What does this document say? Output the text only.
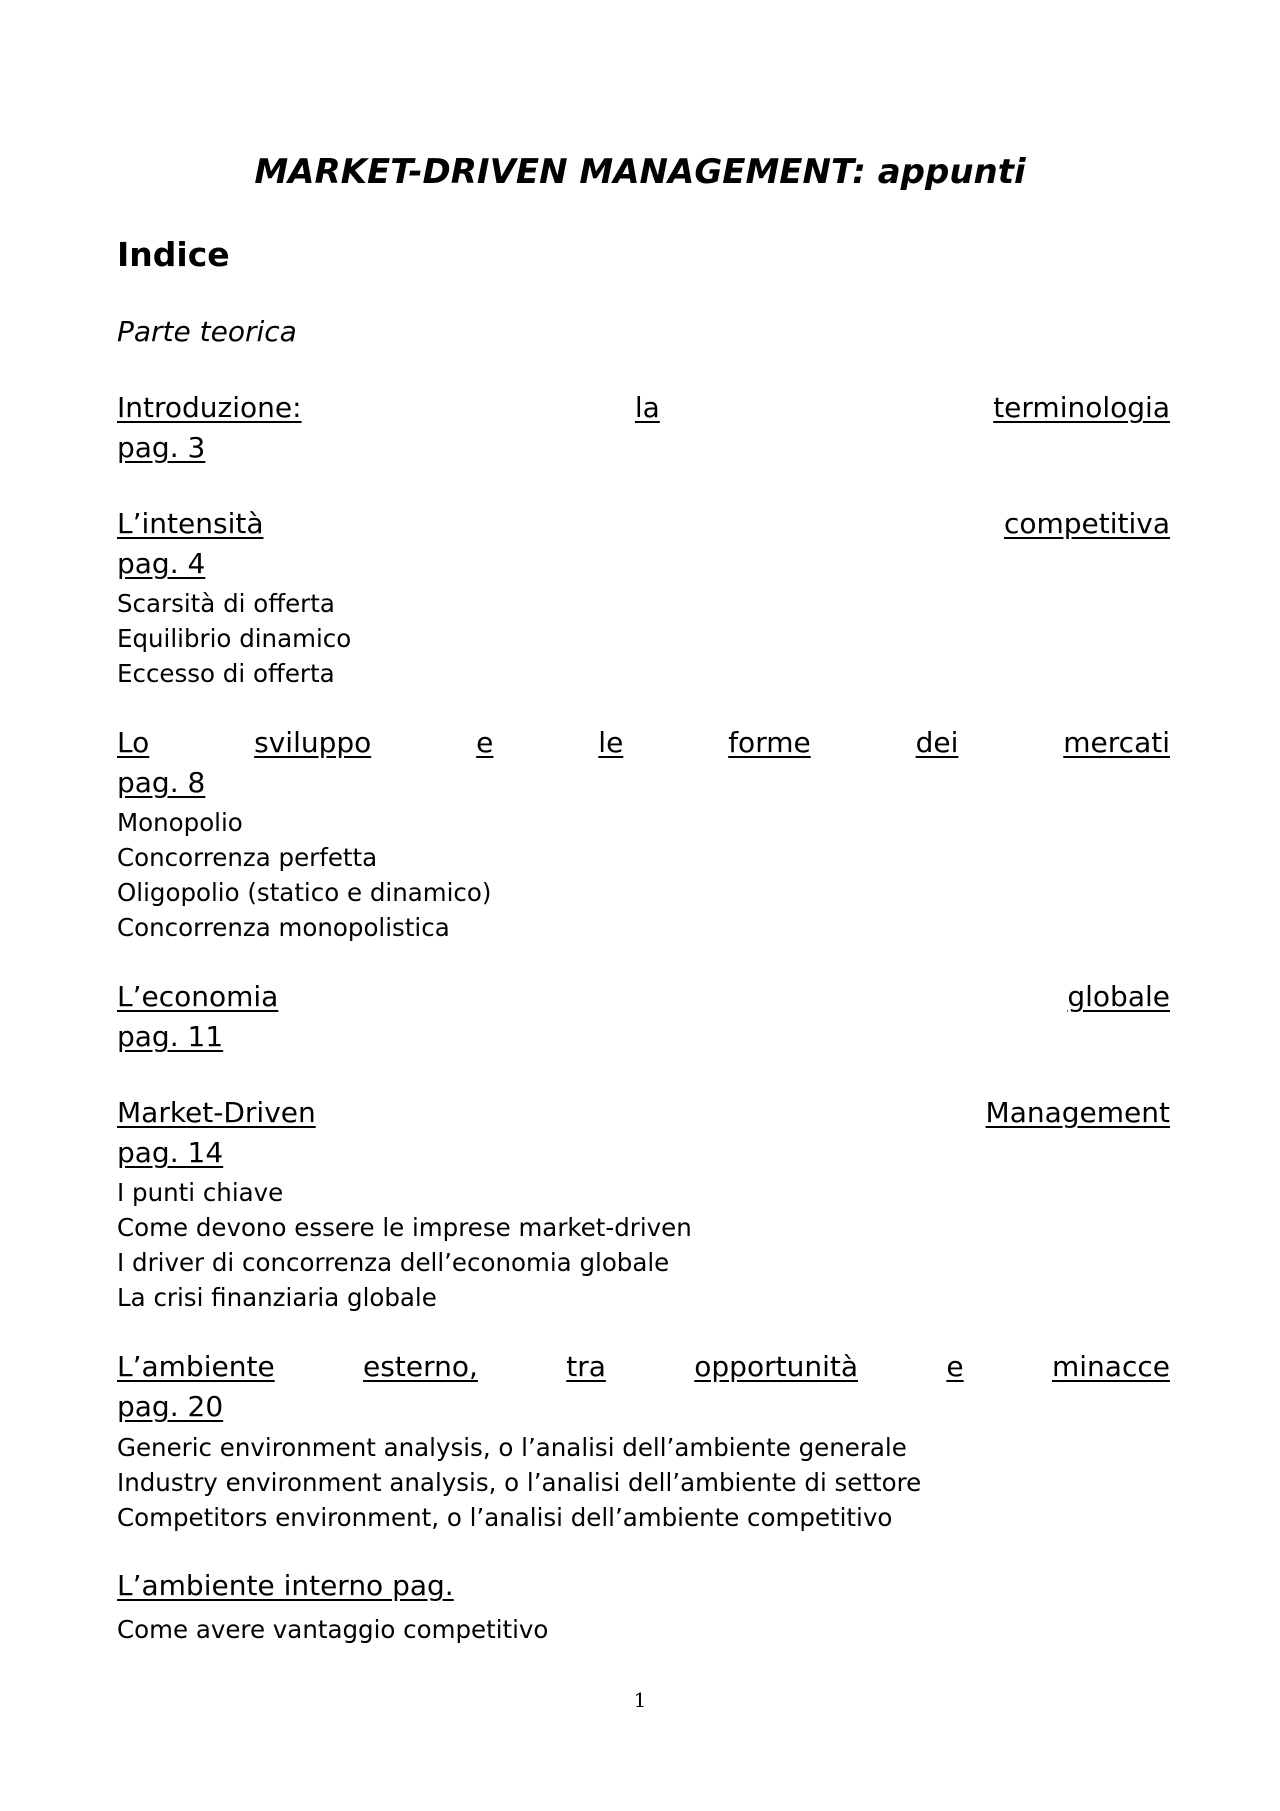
MARKET-DRIVEN MANAGEMENT: appunti
Indice
Parte teorica
Introduzione:	la	terminologia
pag. 3
L’intensità	competitiva
pag. 4
Scarsità di offerta
Equilibrio dinamico
Eccesso di offerta
Lo	sviluppo	e	le	forme	dei	mercati
pag. 8
Monopolio
Concorrenza perfetta
Oligopolio (statico e dinamico)
Concorrenza monopolistica
L’economia	globale
pag. 11
Market-Driven	Management
pag. 14
I punti chiave
Come devono essere le imprese market-driven
I driver di concorrenza dell’economia globale
La crisi finanziaria globale
L’ambiente	esterno,	tra	opportunità	e	minacce
pag. 20
Generic environment analysis, o l’analisi dell’ambiente generale
Industry environment analysis, o l’analisi dell’ambiente di settore
Competitors environment, o l’analisi dell’ambiente competitivo
L’ambiente interno pag.
Come avere vantaggio competitivo
1
